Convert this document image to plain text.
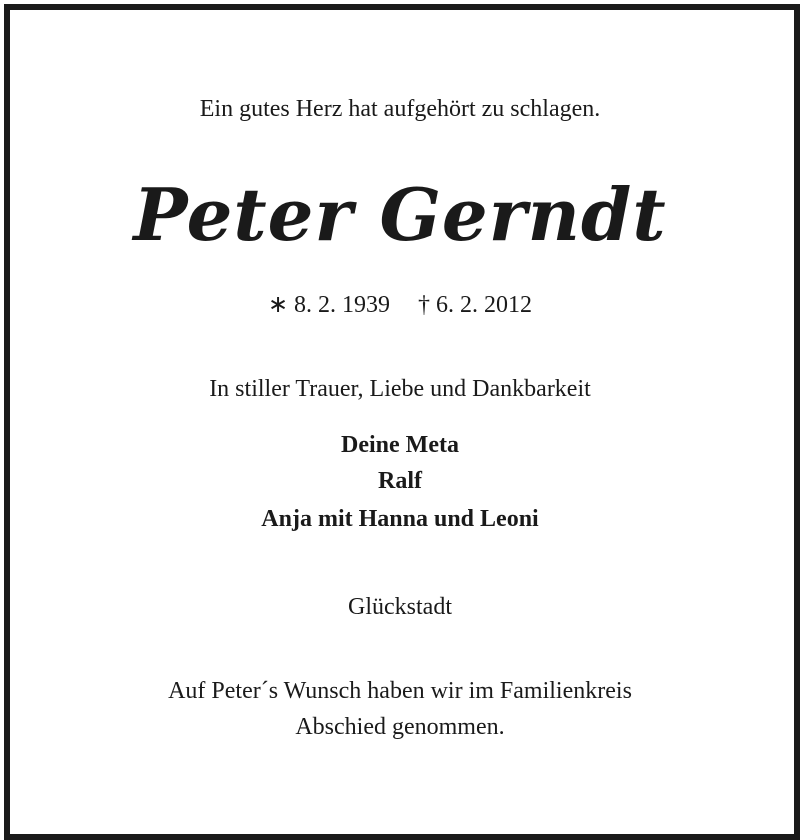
Ein gutes Herz hat aufgehört zu schlagen.
Peter Gerndt
∗ 8. 2. 1939 † 6. 2. 2012
In stiller Trauer, Liebe und Dankbarkeit
Deine Meta
Ralf
Anja mit Hanna und Leoni
Glückstadt
Auf Peter´s Wunsch haben wir im Familienkreis
Abschied genommen.
